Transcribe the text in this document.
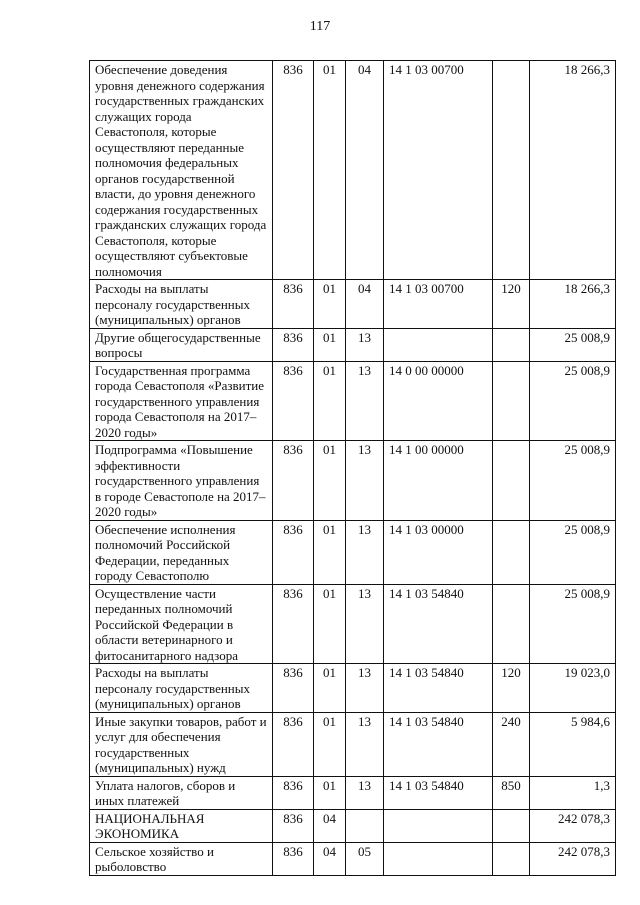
117
Обеспечение доведения уровня денежного содержания государственных гражданских служащих города Севастополя, которые осуществляют переданные полномочия федеральных органов государственной власти, до уровня денежного содержания государственных гражданских служащих города Севастополя, которые осуществляют субъектовые полномочия	836	01	04	14 1 03 00700		18 266,3
Расходы на выплаты персоналу государственных (муниципальных) органов	836	01	04	14 1 03 00700	120	18 266,3
Другие общегосударственные вопросы	836	01	13			25 008,9
Государственная программа города Севастополя «Развитие государственного управления города Севастополя на 2017–2020 годы»	836	01	13	14 0 00 00000		25 008,9
Подпрограмма «Повышение эффективности государственного управления в городе Севастополе на 2017–2020 годы»	836	01	13	14 1 00 00000		25 008,9
Обеспечение исполнения полномочий Российской Федерации, переданных городу Севастополю	836	01	13	14 1 03 00000		25 008,9
Осуществление части переданных полномочий Российской Федерации в области ветеринарного и фитосанитарного надзора	836	01	13	14 1 03 54840		25 008,9
Расходы на выплаты персоналу государственных (муниципальных) органов	836	01	13	14 1 03 54840	120	19 023,0
Иные закупки товаров, работ и услуг для обеспечения государственных (муниципальных) нужд	836	01	13	14 1 03 54840	240	5 984,6
Уплата налогов, сборов и иных платежей	836	01	13	14 1 03 54840	850	1,3
НАЦИОНАЛЬНАЯ ЭКОНОМИКА	836	04				242 078,3
Сельское хозяйство и рыболовство	836	04	05			242 078,3
